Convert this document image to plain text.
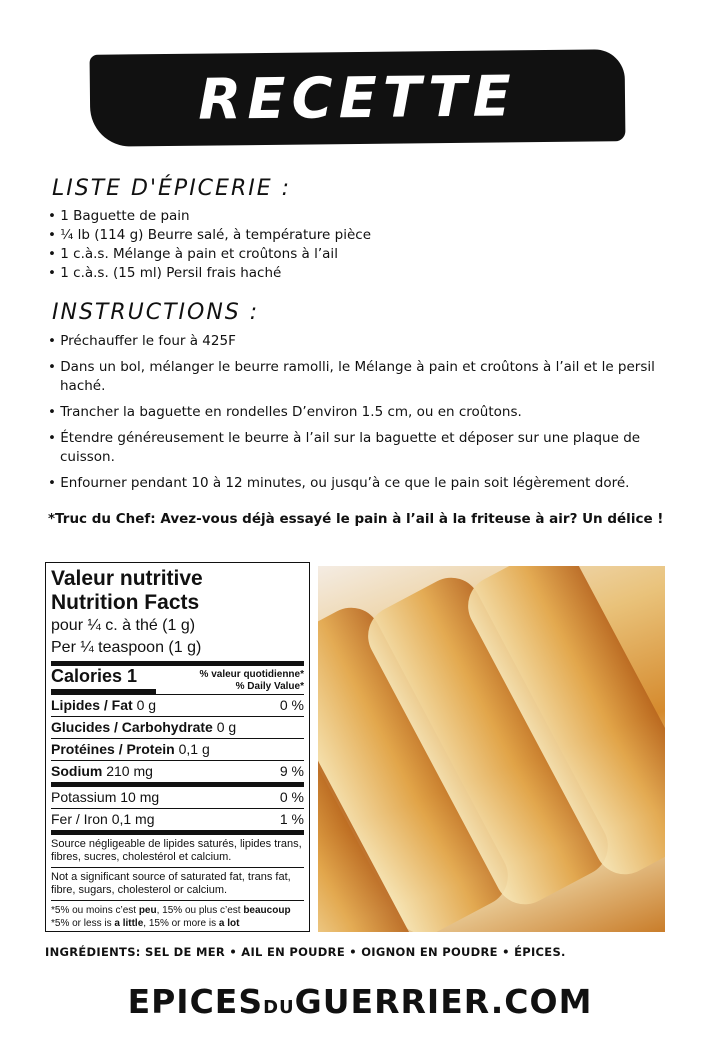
RECETTE
LISTE D'ÉPICERIE :
• 1 Baguette de pain
• ¼ lb (114 g) Beurre salé, à température pièce
• 1 c.à.s. Mélange à pain et croûtons à l’ail
• 1 c.à.s. (15 ml) Persil frais haché
INSTRUCTIONS :
• Préchauffer le four à 425F
• Dans un bol, mélanger le beurre ramolli, le Mélange à pain et croûtons à l’ail et le persil haché.
• Trancher la baguette en rondelles D’environ 1.5 cm, ou en croûtons.
• Étendre généreusement le beurre à l’ail sur la baguette et déposer sur une plaque de cuisson.
• Enfourner pendant 10 à 12 minutes, ou jusqu’à ce que le pain soit légèrement doré.
*Truc du Chef: Avez-vous déjà essayé le pain à l’ail à la friteuse à air? Un délice !
Valeur nutritive
Nutrition Facts
pour ¼ c. à thé (1 g)
Per ¼ teaspoon (1 g)
Calories 1	% valeur quotidienne*
% Daily Value*
Lipides / Fat 0 g	0 %
Glucides / Carbohydrate 0 g
Protéines / Protein 0,1 g
Sodium 210 mg	9 %
Potassium 10 mg	0 %
Fer / Iron 0,1 mg	1 %
Source négligeable de lipides saturés, lipides trans, fibres, sucres, cholestérol et calcium.
Not a significant source of saturated fat, trans fat, fibre, sugars, cholesterol or calcium.
*5% ou moins c’est peu, 15% ou plus c’est beaucoup
*5% or less is a little, 15% or more is a lot
INGRÉDIENTS: SEL DE MER • AIL EN POUDRE • OIGNON EN POUDRE • ÉPICES.
EPICESDUGUERRIER.COM
